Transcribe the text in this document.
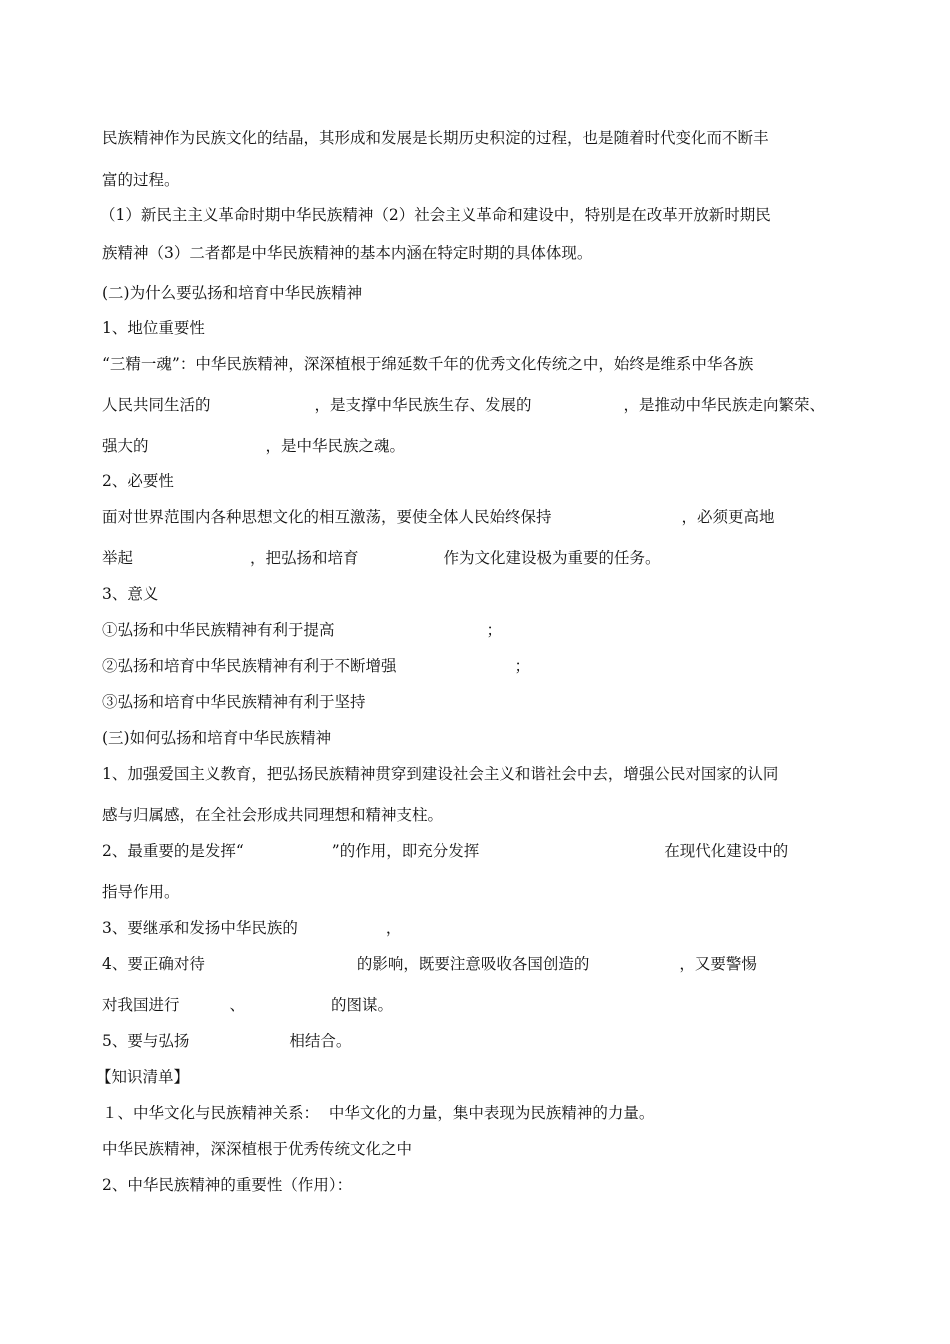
民族精神作为民族文化的结晶，其形成和发展是长期历史积淀的过程，也是随着时代变化而不断丰
富的过程。
（1）新民主主义革命时期中华民族精神（2）社会主义革命和建设中，特别是在改革开放新时期民
族精神（3）二者都是中华民族精神的基本内涵在特定时期的具体体现。
(二)为什么要弘扬和培育中华民族精神
1、地位重要性
“三精一魂”：中华民族精神，深深植根于绵延数千年的优秀文化传统之中，始终是维系中华各族
人民共同生活的	，是支撑中华民族生存、发展的	，是推动中华民族走向繁荣、
强大的	，是中华民族之魂。
2、必要性
面对世界范围内各种思想文化的相互激荡，要使全体人民始终保持	，必须更高地
举起	，把弘扬和培育	作为文化建设极为重要的任务。
3、意义
①弘扬和中华民族精神有利于提高	；
②弘扬和培育中华民族精神有利于不断增强	；
③弘扬和培育中华民族精神有利于坚持
(三)如何弘扬和培育中华民族精神
1、加强爱国主义教育，把弘扬民族精神贯穿到建设社会主义和谐社会中去，增强公民对国家的认同
感与归属感，在全社会形成共同理想和精神支柱。
2、最重要的是发挥“	”的作用，即充分发挥	在现代化建设中的
指导作用。
3、要继承和发扬中华民族的	，
4、要正确对待	的影响，既要注意吸收各国创造的	，又要警惕
对我国进行	、	的图谋。
5、要与弘扬	相结合。
【知识清单】
１、中华文化与民族精神关系：  中华文化的力量，集中表现为民族精神的力量。
中华民族精神，深深植根于优秀传统文化之中
2、中华民族精神的重要性（作用）：
